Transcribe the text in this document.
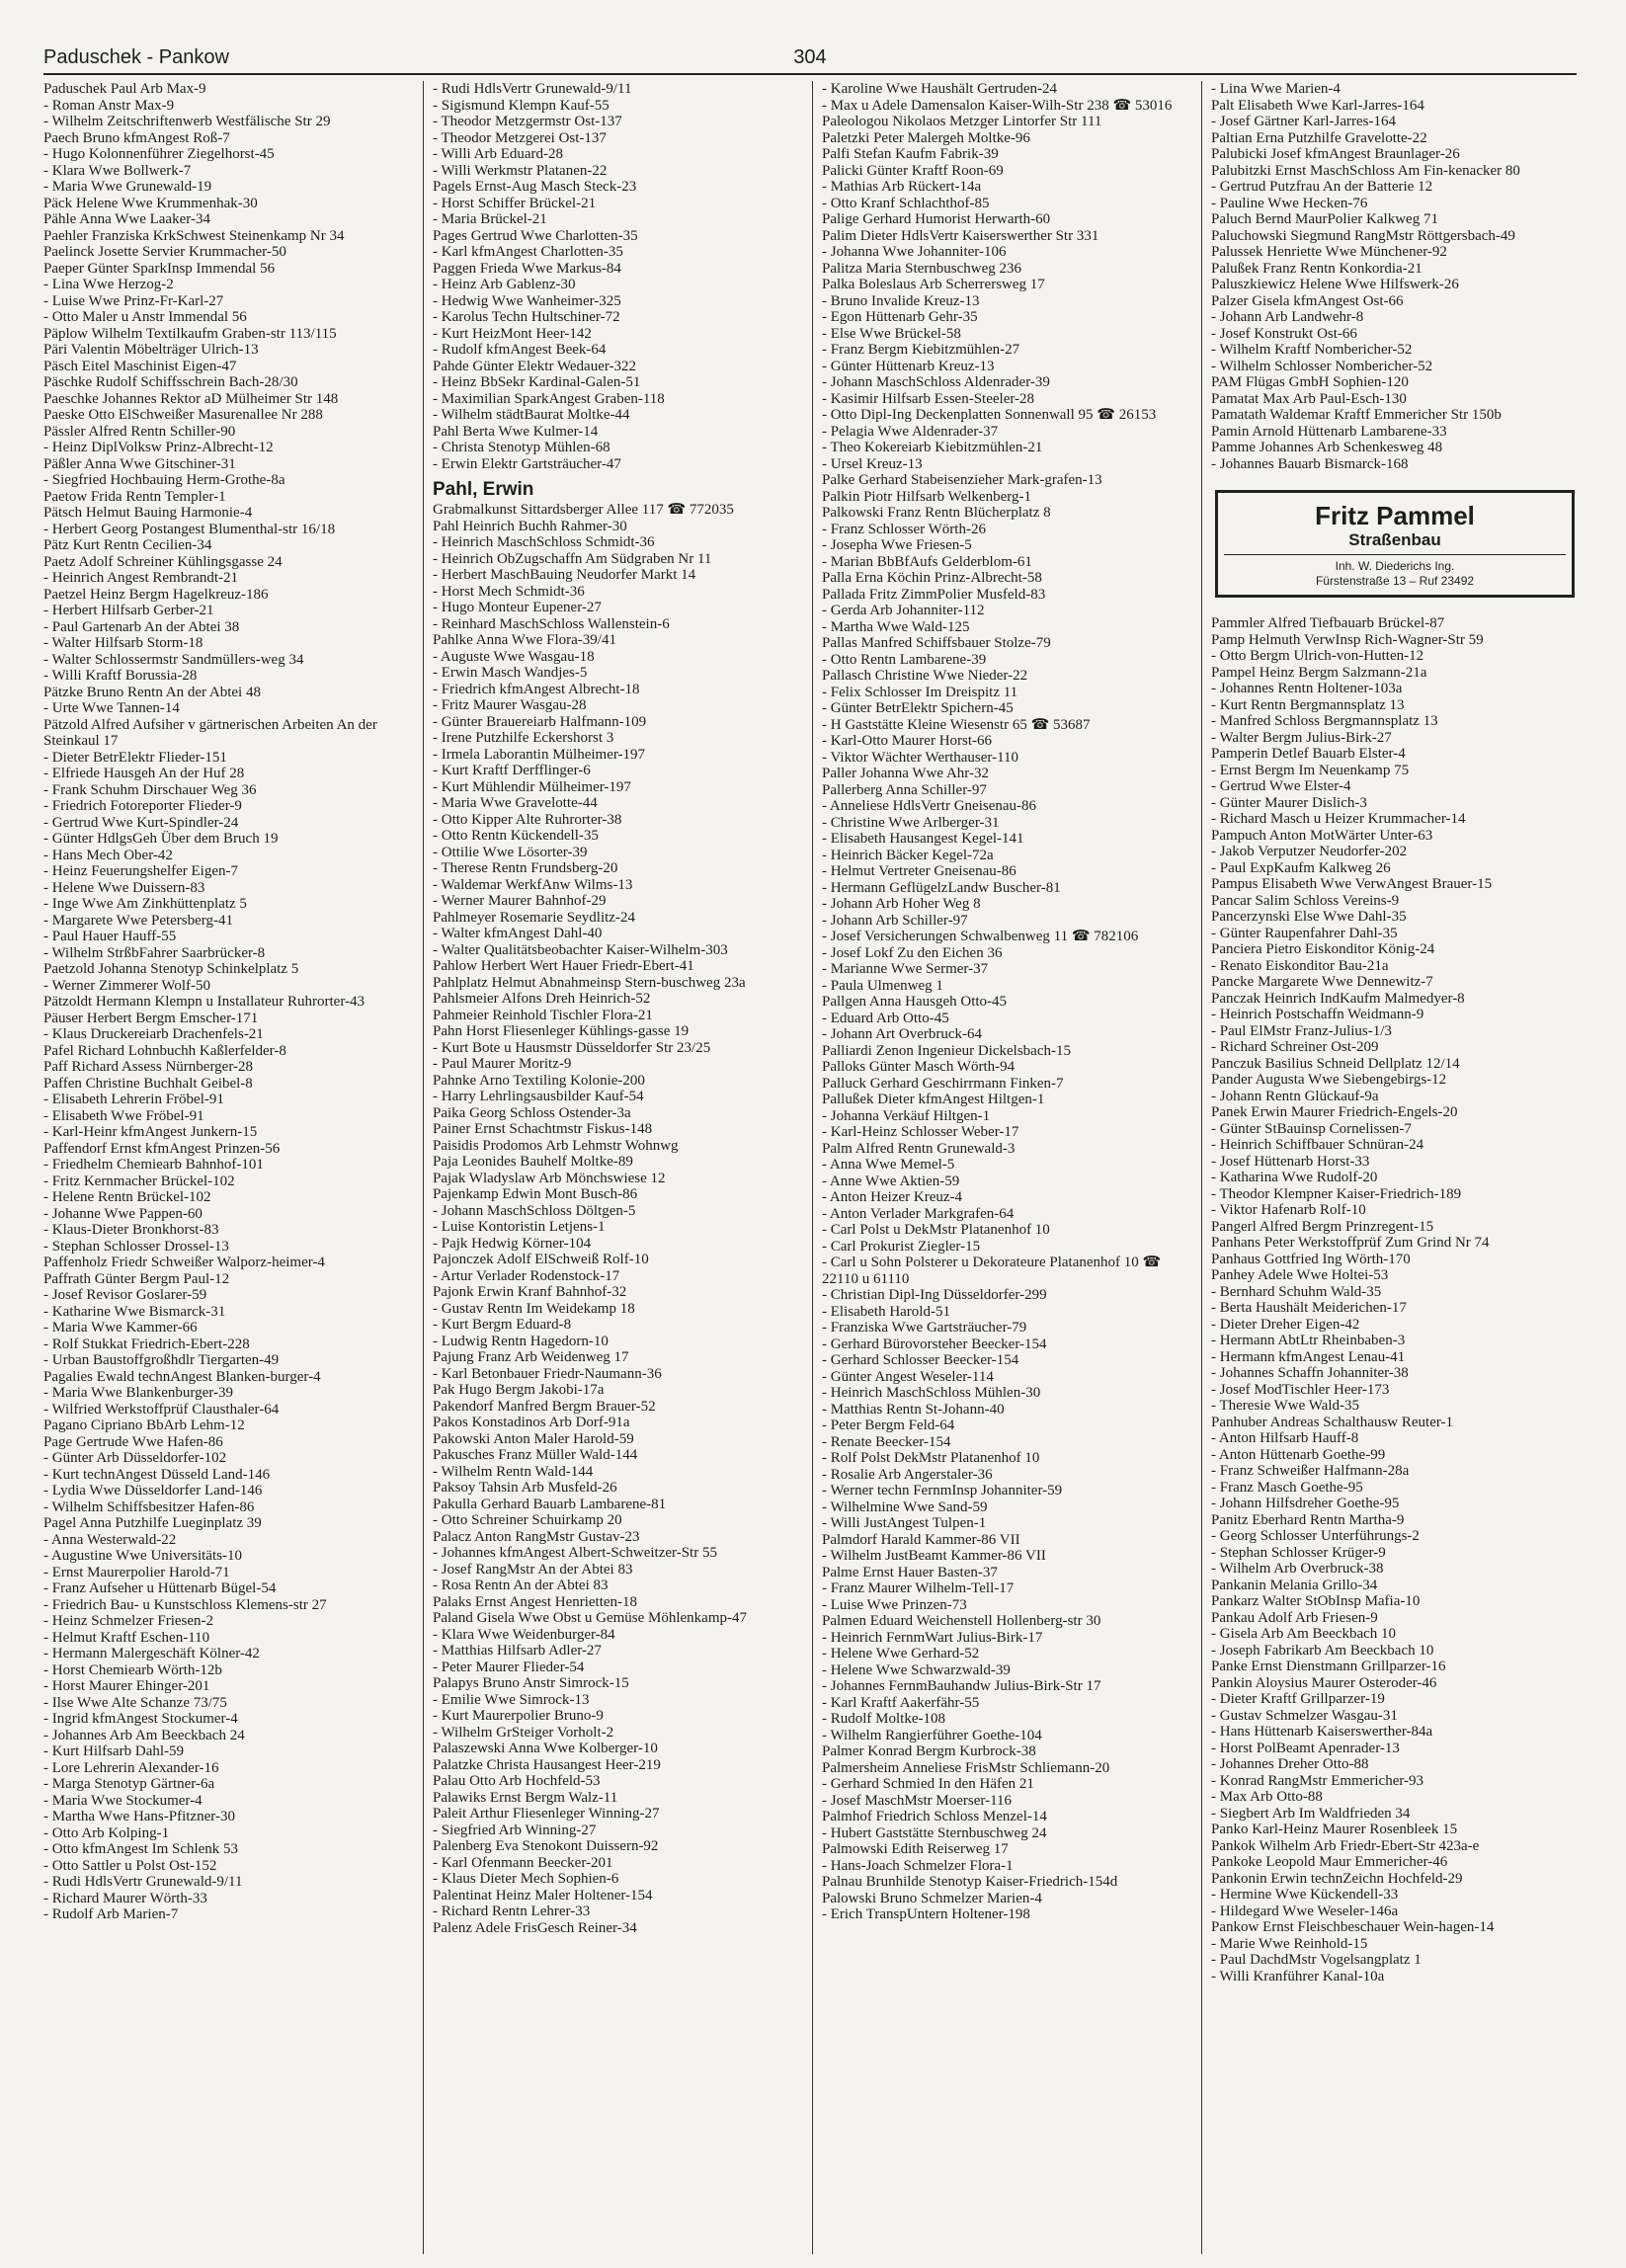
Paduschek - Pankow	304
Paduschek Paul Arb Max-9
- Roman Anstr Max-9
- Wilhelm Zeitschriftenwerb Westfälische Str 29
Paech Bruno kfmAngest Roß-7
- Hugo Kolonnenführer Ziegelhorst-45
- Klara Wwe Bollwerk-7
- Maria Wwe Grunewald-19
Päck Helene Wwe Krummenhak-30
Pähle Anna Wwe Laaker-34
Paehler Franziska KrkSchwest Steinenkamp Nr 34
Paelinck Josette Servier Krummacher-50
Paeper Günter SparkInsp Immendal 56
- Lina Wwe Herzog-2
- Luise Wwe Prinz-Fr-Karl-27
- Otto Maler u Anstr Immendal 56
Päplow Wilhelm Textilkaufm Graben-str 113/115
Päri Valentin Möbelträger Ulrich-13
Päsch Eitel Maschinist Eigen-47
Päschke Rudolf Schiffsschrein Bach-28/30
Paeschke Johannes Rektor aD Mülheimer Str 148
Paeske Otto ElSchweißer Masurenallee Nr 288
Pässler Alfred Rentn Schiller-90
- Heinz DiplVolksw Prinz-Albrecht-12
Päßler Anna Wwe Gitschiner-31
- Siegfried Hochbauing Herm-Grothe-8a
Paetow Frida Rentn Templer-1
Pätsch Helmut Bauing Harmonie-4
- Herbert Georg Postangest Blumenthal-str 16/18
Pätz Kurt Rentn Cecilien-34
Paetz Adolf Schreiner Kühlingsgasse 24
- Heinrich Angest Rembrandt-21
Paetzel Heinz Bergm Hagelkreuz-186
- Herbert Hilfsarb Gerber-21
- Paul Gartenarb An der Abtei 38
- Walter Hilfsarb Storm-18
- Walter Schlossermstr Sandmüllers-weg 34
- Willi Kraftf Borussia-28
Pätzke Bruno Rentn An der Abtei 48
- Urte Wwe Tannen-14
Pätzold Alfred Aufsiher v gärtnerischen Arbeiten An der Steinkaul 17
- Dieter BetrElektr Flieder-151
- Elfriede Hausgeh An der Huf 28
- Frank Schuhm Dirschauer Weg 36
- Friedrich Fotoreporter Flieder-9
- Gertrud Wwe Kurt-Spindler-24
- Günter HdlgsGeh Über dem Bruch 19
- Hans Mech Ober-42
- Heinz Feuerungshelfer Eigen-7
- Helene Wwe Duissern-83
- Inge Wwe Am Zinkhüttenplatz 5
- Margarete Wwe Petersberg-41
- Paul Hauer Hauff-55
- Wilhelm StrßbFahrer Saarbrücker-8
Paetzold Johanna Stenotyp Schinkelplatz 5
- Werner Zimmerer Wolf-50
Pätzoldt Hermann Klempn u Installateur Ruhrorter-43
Päuser Herbert Bergm Emscher-171
- Klaus Druckereiarb Drachenfels-21
Pafel Richard Lohnbuchh Kaßlerfelder-8
Paff Richard Assess Nürnberger-28
Paffen Christine Buchhalt Geibel-8
- Elisabeth Lehrerin Fröbel-91
- Elisabeth Wwe Fröbel-91
- Karl-Heinr kfmAngest Junkern-15
Paffendorf Ernst kfmAngest Prinzen-56
- Friedhelm Chemiearb Bahnhof-101
- Fritz Kernmacher Brückel-102
- Helene Rentn Brückel-102
- Johanne Wwe Pappen-60
- Klaus-Dieter Bronkhorst-83
- Stephan Schlosser Drossel-13
Paffenholz Friedr Schweißer Walporz-heimer-4
Paffrath Günter Bergm Paul-12
- Josef Revisor Goslarer-59
- Katharine Wwe Bismarck-31
- Maria Wwe Kammer-66
- Rolf Stukkat Friedrich-Ebert-228
- Urban Baustoffgroßhdlr Tiergarten-49
Pagalies Ewald technAngest Blanken-burger-4
- Maria Wwe Blankenburger-39
- Wilfried Werkstoffprüf Clausthaler-64
Pagano Cipriano BbArb Lehm-12
Page Gertrude Wwe Hafen-86
- Günter Arb Düsseldorfer-102
- Kurt technAngest Düsseld Land-146
- Lydia Wwe Düsseldorfer Land-146
- Wilhelm Schiffsbesitzer Hafen-86
Pagel Anna Putzhilfe Lueginplatz 39
- Anna Westerwald-22
- Augustine Wwe Universitäts-10
- Ernst Maurerpolier Harold-71
- Franz Aufseher u Hüttenarb Bügel-54
- Friedrich Bau- u Kunstschloss Klemens-str 27
- Heinz Schmelzer Friesen-2
- Helmut Kraftf Eschen-110
- Hermann Malergeschäft Kölner-42
- Horst Chemiearb Wörth-12b
- Horst Maurer Ehinger-201
- Ilse Wwe Alte Schanze 73/75
- Ingrid kfmAngest Stockumer-4
- Johannes Arb Am Beeckbach 24
- Kurt Hilfsarb Dahl-59
- Lore Lehrerin Alexander-16
- Marga Stenotyp Gärtner-6a
- Maria Wwe Stockumer-4
- Martha Wwe Hans-Pfitzner-30
- Otto Arb Kolping-1
- Otto kfmAngest Im Schlenk 53
- Otto Sattler u Polst Ost-152
- Rudi HdlsVertr Grunewald-9/11
- Richard Maurer Wörth-33
- Rudolf Arb Marien-7
- Rudi HdlsVertr Grunewald-9/11
- Sigismund Klempn Kauf-55
- Theodor Metzgermstr Ost-137
- Theodor Metzgerei Ost-137
- Willi Arb Eduard-28
- Willi Werkmstr Platanen-22
Pagels Ernst-Aug Masch Steck-23
- Horst Schiffer Brückel-21
- Maria Brückel-21
Pages Gertrud Wwe Charlotten-35
- Karl kfmAngest Charlotten-35
Paggen Frieda Wwe Markus-84
- Heinz Arb Gablenz-30
- Hedwig Wwe Wanheimer-325
- Karolus Techn Hultschiner-72
- Kurt HeizMont Heer-142
- Rudolf kfmAngest Beek-64
Pahde Günter Elektr Wedauer-322
- Heinz BbSekr Kardinal-Galen-51
- Maximilian SparkAngest Graben-118
- Wilhelm städtBaurat Moltke-44
Pahl Berta Wwe Kulmer-14
- Christa Stenotyp Mühlen-68
- Erwin Elektr Gartsträucher-47
Pahl, Erwin
Grabmalkunst Sittardsberger Allee 117 ☎ 772035
Pahl Heinrich Buchh Rahmer-30
- Heinrich MaschSchloss Schmidt-36
- Heinrich ObZugschaffn Am Südgraben Nr 11
- Herbert MaschBauing Neudorfer Markt 14
- Horst Mech Schmidt-36
- Hugo Monteur Eupener-27
- Reinhard MaschSchloss Wallenstein-6
Pahlke Anna Wwe Flora-39/41
- Auguste Wwe Wasgau-18
- Erwin Masch Wandjes-5
- Friedrich kfmAngest Albrecht-18
- Fritz Maurer Wasgau-28
- Günter Brauereiarb Halfmann-109
- Irene Putzhilfe Eckershorst 3
- Irmela Laborantin Mülheimer-197
- Kurt Kraftf Derfflinger-6
- Kurt Mühlendir Mülheimer-197
- Maria Wwe Gravelotte-44
- Otto Kipper Alte Ruhrorter-38
- Otto Rentn Kückendell-35
- Ottilie Wwe Lösorter-39
- Therese Rentn Frundsberg-20
- Waldemar WerkfAnw Wilms-13
- Werner Maurer Bahnhof-29
Pahlmeyer Rosemarie Seydlitz-24
- Walter kfmAngest Dahl-40
- Walter Qualitätsbeobachter Kaiser-Wilhelm-303
Pahlow Herbert Wert Hauer Friedr-Ebert-41
Pahlplatz Helmut Abnahmeinsp Stern-buschweg 23a
Pahlsmeier Alfons Dreh Heinrich-52
Pahmeier Reinhold Tischler Flora-21
Pahn Horst Fliesenleger Kühlings-gasse 19
- Kurt Bote u Hausmstr Düsseldorfer Str 23/25
- Paul Maurer Moritz-9
Pahnke Arno Textiling Kolonie-200
- Harry Lehrlingsausbilder Kauf-54
Paika Georg Schloss Ostender-3a
Painer Ernst Schachtmstr Fiskus-148
Paisidis Prodomos Arb Lehmstr Wohnwg
Paja Leonides Bauhelf Moltke-89
Pajak Wladyslaw Arb Mönchswiese 12
Pajenkamp Edwin Mont Busch-86
- Johann MaschSchloss Döltgen-5
- Luise Kontoristin Letjens-1
- Pajk Hedwig Körner-104
Pajonczek Adolf ElSchweiß Rolf-10
- Artur Verlader Rodenstock-17
Pajonk Erwin Kranf Bahnhof-32
- Gustav Rentn Im Weidekamp 18
- Kurt Bergm Eduard-8
- Ludwig Rentn Hagedorn-10
Pajung Franz Arb Weidenweg 17
- Karl Betonbauer Friedr-Naumann-36
Pak Hugo Bergm Jakobi-17a
Pakendorf Manfred Bergm Brauer-52
Pakos Konstadinos Arb Dorf-91a
Pakowski Anton Maler Harold-59
Pakusches Franz Müller Wald-144
- Wilhelm Rentn Wald-144
Paksoy Tahsin Arb Musfeld-26
Pakulla Gerhard Bauarb Lambarene-81
- Otto Schreiner Schuirkamp 20
Palacz Anton RangMstr Gustav-23
- Johannes kfmAngest Albert-Schweitzer-Str 55
- Josef RangMstr An der Abtei 83
- Rosa Rentn An der Abtei 83
Palaks Ernst Angest Henrietten-18
Paland Gisela Wwe Obst u Gemüse Möhlenkamp-47
- Klara Wwe Weidenburger-84
- Matthias Hilfsarb Adler-27
- Peter Maurer Flieder-54
Palapys Bruno Anstr Simrock-15
- Emilie Wwe Simrock-13
- Kurt Maurerpolier Bruno-9
- Wilhelm GrSteiger Vorholt-2
Palaszewski Anna Wwe Kolberger-10
Palatzke Christa Hausangest Heer-219
Palau Otto Arb Hochfeld-53
Palawiks Ernst Bergm Walz-11
Paleit Arthur Fliesenleger Winning-27
- Siegfried Arb Winning-27
Palenberg Eva Stenokont Duissern-92
- Karl Ofenmann Beecker-201
- Klaus Dieter Mech Sophien-6
Palentinat Heinz Maler Holtener-154
- Richard Rentn Lehrer-33
Palenz Adele FrisGesch Reiner-34
- Karoline Wwe Haushält Gertruden-24
- Max u Adele Damensalon Kaiser-Wilh-Str 238 ☎ 53016
Paleologou Nikolaos Metzger Lintorfer Str 111
Paletzki Peter Malergeh Moltke-96
Palfi Stefan Kaufm Fabrik-39
Palicki Günter Kraftf Roon-69
- Mathias Arb Rückert-14a
- Otto Kranf Schlachthof-85
Palige Gerhard Humorist Herwarth-60
Palim Dieter HdlsVertr Kaiserswerther Str 331
- Johanna Wwe Johanniter-106
Palitza Maria Sternbuschweg 236
Palka Boleslaus Arb Scherrersweg 17
- Bruno Invalide Kreuz-13
- Egon Hüttenarb Gehr-35
- Else Wwe Brückel-58
- Franz Bergm Kiebitzmühlen-27
- Günter Hüttenarb Kreuz-13
- Johann MaschSchloss Aldenrader-39
- Kasimir Hilfsarb Essen-Steeler-28
- Otto Dipl-Ing Deckenplatten Sonnenwall 95 ☎ 26153
- Pelagia Wwe Aldenrader-37
- Theo Kokereiarb Kiebitzmühlen-21
- Ursel Kreuz-13
Palke Gerhard Stabeisenzieher Mark-grafen-13
Palkin Piotr Hilfsarb Welkenberg-1
Palkowski Franz Rentn Blücherplatz 8
- Franz Schlosser Wörth-26
- Josepha Wwe Friesen-5
- Marian BbBfAufs Gelderblom-61
Palla Erna Köchin Prinz-Albrecht-58
Pallada Fritz ZimmPolier Musfeld-83
- Gerda Arb Johanniter-112
- Martha Wwe Wald-125
Pallas Manfred Schiffsbauer Stolze-79
- Otto Rentn Lambarene-39
Pallasch Christine Wwe Nieder-22
- Felix Schlosser Im Dreispitz 11
- Günter BetrElektr Spichern-45
- H Gaststätte Kleine Wiesenstr 65 ☎ 53687
- Karl-Otto Maurer Horst-66
- Viktor Wächter Werthauser-110
Paller Johanna Wwe Ahr-32
Pallerberg Anna Schiller-97
- Anneliese HdlsVertr Gneisenau-86
- Christine Wwe Arlberger-31
- Elisabeth Hausangest Kegel-141
- Heinrich Bäcker Kegel-72a
- Helmut Vertreter Gneisenau-86
- Hermann GeflügelzLandw Buscher-81
- Johann Arb Hoher Weg 8
- Johann Arb Schiller-97
- Josef Versicherungen Schwalbenweg 11 ☎ 782106
- Josef Lokf Zu den Eichen 36
- Marianne Wwe Sermer-37
- Paula Ulmenweg 1
Pallgen Anna Hausgeh Otto-45
- Eduard Arb Otto-45
- Johann Art Overbruck-64
Palliardi Zenon Ingenieur Dickelsbach-15
Palloks Günter Masch Wörth-94
Palluck Gerhard Geschirrmann Finken-7
Pallußek Dieter kfmAngest Hiltgen-1
- Johanna Verkäuf Hiltgen-1
- Karl-Heinz Schlosser Weber-17
Palm Alfred Rentn Grunewald-3
- Anna Wwe Memel-5
- Anne Wwe Aktien-59
- Anton Heizer Kreuz-4
- Anton Verlader Markgrafen-64
- Carl Polst u DekMstr Platanenhof 10
- Carl Prokurist Ziegler-15
- Carl u Sohn Polsterer u Dekorateure Platanenhof 10 ☎ 22110 u 61110
- Christian Dipl-Ing Düsseldorfer-299
- Elisabeth Harold-51
- Franziska Wwe Gartsträucher-79
- Gerhard Bürovorsteher Beecker-154
- Gerhard Schlosser Beecker-154
- Günter Angest Weseler-114
- Heinrich MaschSchloss Mühlen-30
- Matthias Rentn St-Johann-40
- Peter Bergm Feld-64
- Renate Beecker-154
- Rolf Polst DekMstr Platanenhof 10
- Rosalie Arb Angerstaler-36
- Werner techn FernmInsp Johanniter-59
- Wilhelmine Wwe Sand-59
- Willi JustAngest Tulpen-1
Palmdorf Harald Kammer-86 VII
- Wilhelm JustBeamt Kammer-86 VII
Palme Ernst Hauer Basten-37
- Franz Maurer Wilhelm-Tell-17
- Luise Wwe Prinzen-73
Palmen Eduard Weichenstell Hollenberg-str 30
- Heinrich FernmWart Julius-Birk-17
- Helene Wwe Gerhard-52
- Helene Wwe Schwarzwald-39
- Johannes FernmBauhandw Julius-Birk-Str 17
- Karl Kraftf Aakerfähr-55
- Rudolf Moltke-108
- Wilhelm Rangierführer Goethe-104
Palmer Konrad Bergm Kurbrock-38
Palmersheim Anneliese FrisMstr Schliemann-20
- Gerhard Schmied In den Häfen 21
- Josef MaschMstr Moerser-116
Palmhof Friedrich Schloss Menzel-14
- Hubert Gaststätte Sternbuschweg 24
Palmowski Edith Reiserweg 17
- Hans-Joach Schmelzer Flora-1
Palnau Brunhilde Stenotyp Kaiser-Friedrich-154d
Palowski Bruno Schmelzer Marien-4
- Erich TranspUntern Holtener-198
- Lina Wwe Marien-4
Palt Elisabeth Wwe Karl-Jarres-164
- Josef Gärtner Karl-Jarres-164
Paltian Erna Putzhilfe Gravelotte-22
Palubicki Josef kfmAngest Braunlager-26
Palubitzki Ernst MaschSchloss Am Fin-kenacker 80
- Gertrud Putzfrau An der Batterie 12
- Pauline Wwe Hecken-76
Paluch Bernd MaurPolier Kalkweg 71
Paluchowski Siegmund RangMstr Röttgersbach-49
Palussek Henriette Wwe Münchener-92
Palußek Franz Rentn Konkordia-21
Paluszkiewicz Helene Wwe Hilfswerk-26
Palzer Gisela kfmAngest Ost-66
- Johann Arb Landwehr-8
- Josef Konstrukt Ost-66
- Wilhelm Kraftf Nombericher-52
- Wilhelm Schlosser Nombericher-52
PAM Flügas GmbH Sophien-120
Pamatat Max Arb Paul-Esch-130
Pamatath Waldemar Kraftf Emmericher Str 150b
Pamin Arnold Hüttenarb Lambarene-33
Pamme Johannes Arb Schenkesweg 48
- Johannes Bauarb Bismarck-168
Fritz Pammel
Straßenbau
Inh. W. Diederichs Ing.
Fürstenstraße 13 – Ruf 23492
Pammler Alfred Tiefbauarb Brückel-87
Pamp Helmuth VerwInsp Rich-Wagner-Str 59
- Otto Bergm Ulrich-von-Hutten-12
Pampel Heinz Bergm Salzmann-21a
- Johannes Rentn Holtener-103a
- Kurt Rentn Bergmannsplatz 13
- Manfred Schloss Bergmannsplatz 13
- Walter Bergm Julius-Birk-27
Pamperin Detlef Bauarb Elster-4
- Ernst Bergm Im Neuenkamp 75
- Gertrud Wwe Elster-4
- Günter Maurer Dislich-3
- Richard Masch u Heizer Krummacher-14
Pampuch Anton MotWärter Unter-63
- Jakob Verputzer Neudorfer-202
- Paul ExpKaufm Kalkweg 26
Pampus Elisabeth Wwe VerwAngest Brauer-15
Pancar Salim Schloss Vereins-9
Pancerzynski Else Wwe Dahl-35
- Günter Raupenfahrer Dahl-35
Panciera Pietro Eiskonditor König-24
- Renato Eiskonditor Bau-21a
Pancke Margarete Wwe Dennewitz-7
Panczak Heinrich IndKaufm Malmedyer-8
- Heinrich Postschaffn Weidmann-9
- Paul ElMstr Franz-Julius-1/3
- Richard Schreiner Ost-209
Panczuk Basilius Schneid Dellplatz 12/14
Pander Augusta Wwe Siebengebirgs-12
- Johann Rentn Glückauf-9a
Panek Erwin Maurer Friedrich-Engels-20
- Günter StBauinsp Cornelissen-7
- Heinrich Schiffbauer Schnüran-24
- Josef Hüttenarb Horst-33
- Katharina Wwe Rudolf-20
- Theodor Klempner Kaiser-Friedrich-189
- Viktor Hafenarb Rolf-10
Pangerl Alfred Bergm Prinzregent-15
Panhans Peter Werkstoffprüf Zum Grind Nr 74
Panhaus Gottfried Ing Wörth-170
Panhey Adele Wwe Holtei-53
- Bernhard Schuhm Wald-35
- Berta Haushält Meiderichen-17
- Dieter Dreher Eigen-42
- Hermann AbtLtr Rheinbaben-3
- Hermann kfmAngest Lenau-41
- Johannes Schaffn Johanniter-38
- Josef ModTischler Heer-173
- Theresie Wwe Wald-35
Panhuber Andreas Schalthausw Reuter-1
- Anton Hilfsarb Hauff-8
- Anton Hüttenarb Goethe-99
- Franz Schweißer Halfmann-28a
- Franz Masch Goethe-95
- Johann Hilfsdreher Goethe-95
Panitz Eberhard Rentn Martha-9
- Georg Schlosser Unterführungs-2
- Stephan Schlosser Krüger-9
- Wilhelm Arb Overbruck-38
Pankanin Melania Grillo-34
Pankarz Walter StObInsp Mafia-10
Pankau Adolf Arb Friesen-9
- Gisela Arb Am Beeckbach 10
- Joseph Fabrikarb Am Beeckbach 10
Panke Ernst Dienstmann Grillparzer-16
Pankin Aloysius Maurer Osteroder-46
- Dieter Kraftf Grillparzer-19
- Gustav Schmelzer Wasgau-31
- Hans Hüttenarb Kaiserswerther-84a
- Horst PolBeamt Apenrader-13
- Johannes Dreher Otto-88
- Konrad RangMstr Emmericher-93
- Max Arb Otto-88
- Siegbert Arb Im Waldfrieden 34
Panko Karl-Heinz Maurer Rosenbleek 15
Pankok Wilhelm Arb Friedr-Ebert-Str 423a-e
Pankoke Leopold Maur Emmericher-46
Pankonin Erwin technZeichn Hochfeld-29
- Hermine Wwe Kückendell-33
- Hildegard Wwe Weseler-146a
Pankow Ernst Fleischbeschauer Wein-hagen-14
- Marie Wwe Reinhold-15
- Paul DachdMstr Vogelsangplatz 1
- Willi Kranführer Kanal-10a
